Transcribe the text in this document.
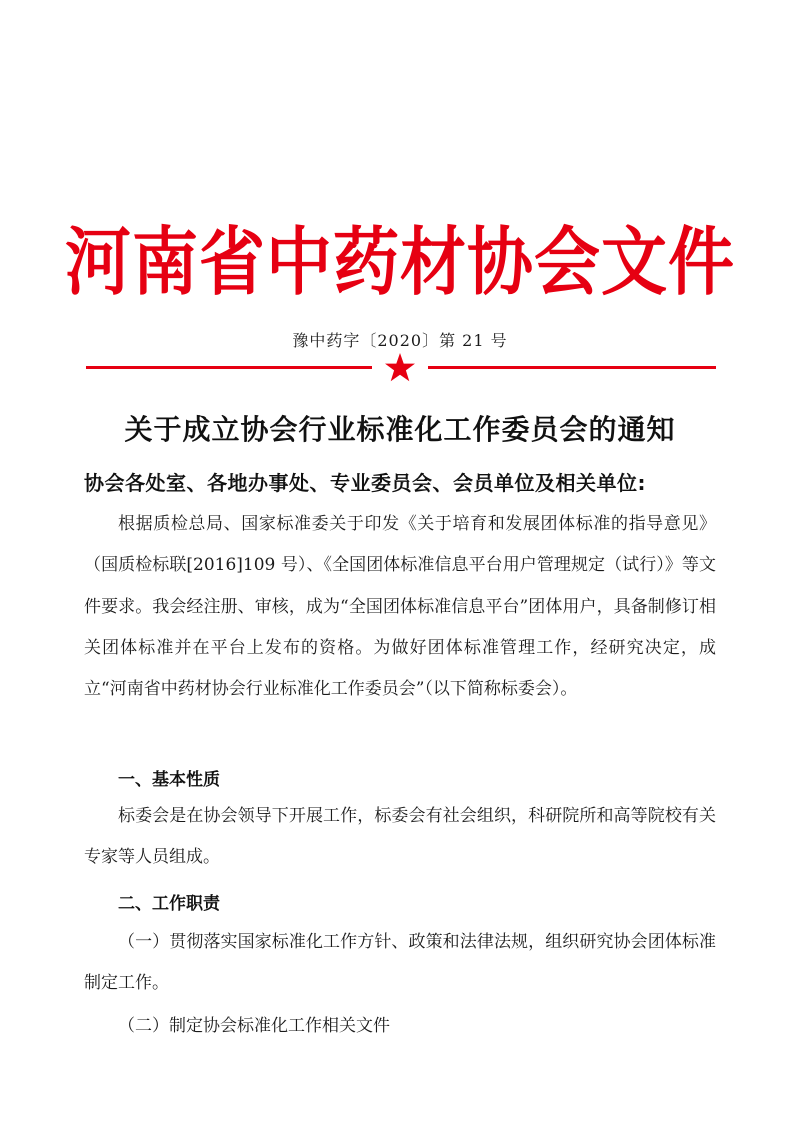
河南省中药材协会文件
豫中药字〔2020〕第 21 号
关于成立协会行业标准化工作委员会的通知
协会各处室、各地办事处、专业委员会、会员单位及相关单位:

根据质检总局、国家标准委关于印发《关于培育和发展团体标准的指导意见》（国质检标联[2016]109 号）、《全国团体标准信息平台用户管理规定（试行）》等文件要求。我会经注册、审核，成为“全国团体标准信息平台”团体用户，具备制修订相关团体标准并在平台上发布的资格。为做好团体标准管理工作，经研究决定，成立“河南省中药材协会行业标准化工作委员会”（以下简称标委会）。

一、基本性质

标委会是在协会领导下开展工作，标委会有社会组织，科研院所和高等院校有关专家等人员组成。

二、工作职责

（一）贯彻落实国家标准化工作方针、政策和法律法规，组织研究协会团体标准制定工作。

（二）制定协会标准化工作相关文件
